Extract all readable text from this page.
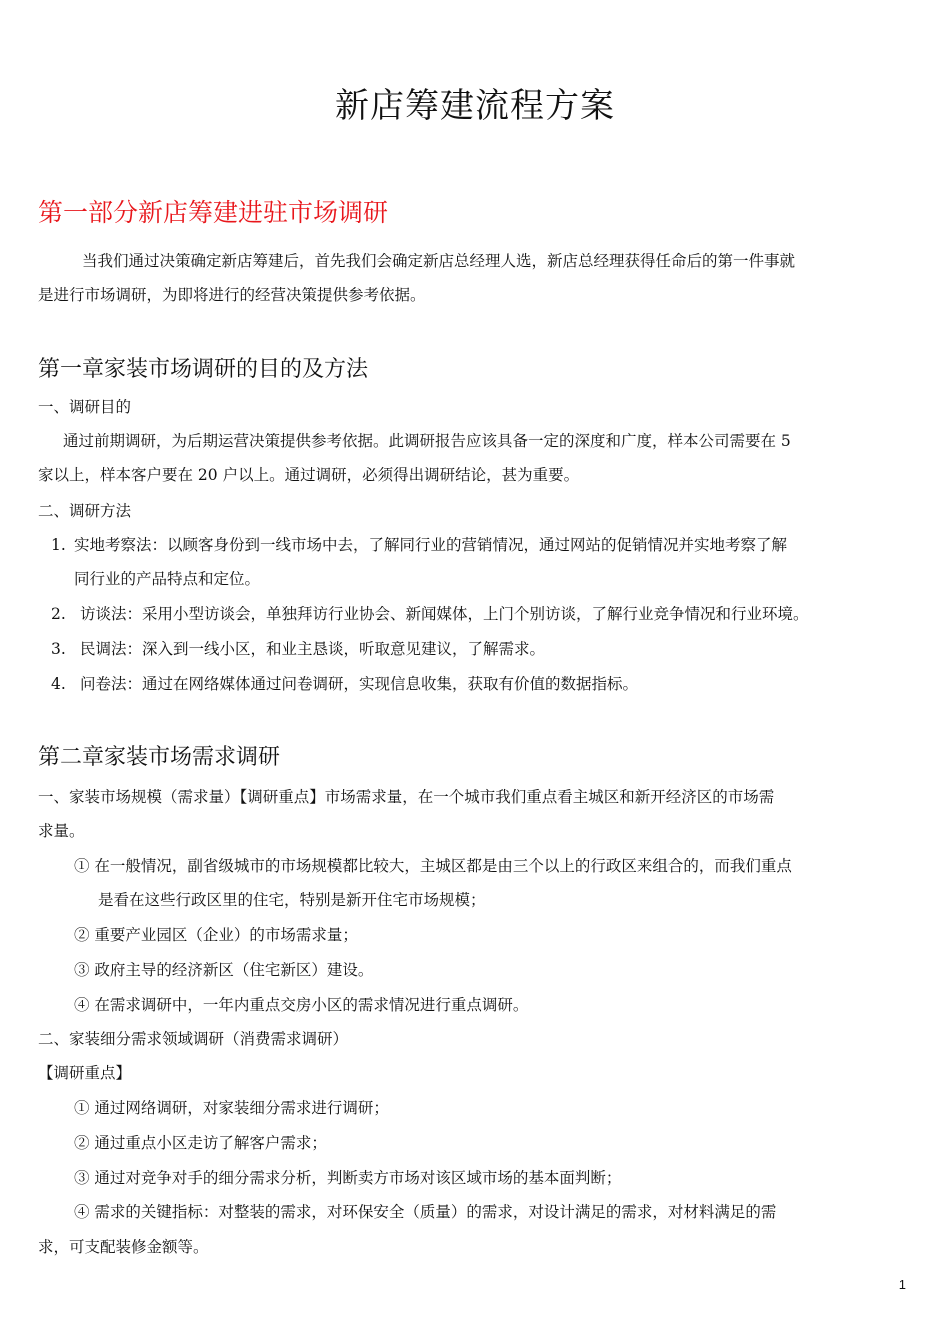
新店筹建流程方案
第一部分新店筹建进驻市场调研
当我们通过决策确定新店筹建后，首先我们会确定新店总经理人选，新店总经理获得任命后的第一件事就
是进行市场调研，为即将进行的经营决策提供参考依据。
第一章家装市场调研的目的及方法
一、调研目的
通过前期调研，为后期运营决策提供参考依据。此调研报告应该具备一定的深度和广度，样本公司需要在 5
家以上，样本客户要在 20 户以上。通过调研，必须得出调研结论，甚为重要。
二、调研方法
1. 实地考察法：以顾客身份到一线市场中去，了解同行业的营销情况，通过网站的促销情况并实地考察了解
同行业的产品特点和定位。
2. 访谈法：采用小型访谈会，单独拜访行业协会、新闻媒体，上门个别访谈，了解行业竞争情况和行业环境。
3. 民调法：深入到一线小区，和业主恳谈，听取意见建议，了解需求。
4. 问卷法：通过在网络媒体通过问卷调研，实现信息收集，获取有价值的数据指标。
第二章家装市场需求调研
一、家装市场规模（需求量）【调研重点】市场需求量，在一个城市我们重点看主城区和新开经济区的市场需
求量。
① 在一般情况，副省级城市的市场规模都比较大，主城区都是由三个以上的行政区来组合的，而我们重点
是看在这些行政区里的住宅，特别是新开住宅市场规模；
② 重要产业园区（企业）的市场需求量；
③ 政府主导的经济新区（住宅新区）建设。
④ 在需求调研中，一年内重点交房小区的需求情况进行重点调研。
二、家装细分需求领域调研（消费需求调研）
【调研重点】
① 通过网络调研，对家装细分需求进行调研；
② 通过重点小区走访了解客户需求；
③ 通过对竞争对手的细分需求分析，判断卖方市场对该区域市场的基本面判断；
④ 需求的关键指标：对整装的需求，对环保安全（质量）的需求，对设计满足的需求，对材料满足的需
求，可支配装修金额等。
1
